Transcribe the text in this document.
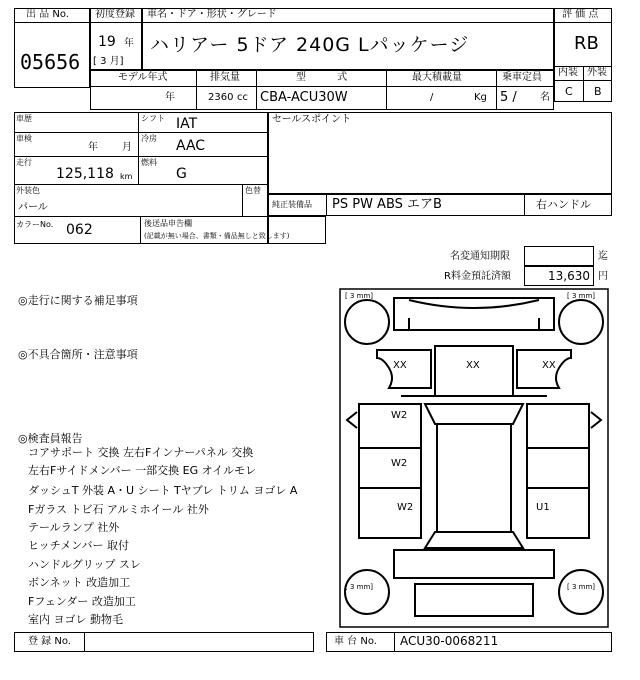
出 品 No.
05656
初度登録
19 年
[ 3 月]
車名・ドア・形状・グレード
ハリアー 5ドア 240G Lパッケージ
評 価 点
RB
内装 外装
C B
モデル年式	排気量	型 式	最大積載量	乗車定員
年	2360 cc CBA-ACU30W	/	Kg 5 / 名
車歴	シフト IAT
車検
年 月
冷房 AAC
走行
125,118 km
燃料
G
外装色
パール
色替
カラーNo. 062	後送品申告欄
(記載が無い場合、書類・備品無しと致します)
セールスポイント
純正装備品 PS PW ABS エアB	右ハンドル
名変通知期限	迄
R料金預託済額	13,630 円
◎走行に関する補足事項
◎不具合箇所・注意事項
◎検査員報告
コアサポート 交換 左右Fインナーパネル 交換
左右Fサイドメンバー 一部交換 EG オイルモレ
ダッシュT 外装 A・U シート Tヤブレ トリム ヨゴレ A
Fガラス トビ石 アルミホイール 社外
テールランプ 社外
ヒッチメンバー 取付
ハンドルグリップ スレ
ボンネット 改造加工
Fフェンダー 改造加工
室内 ヨゴレ 動物毛
[ 3 mm]	[ 3 mm]
[ 3 mm]	[ 3 mm]
XX	XX	XX
W2
W2
W2	U1
登 録 No.	車 台 No. ACU30-0068211
